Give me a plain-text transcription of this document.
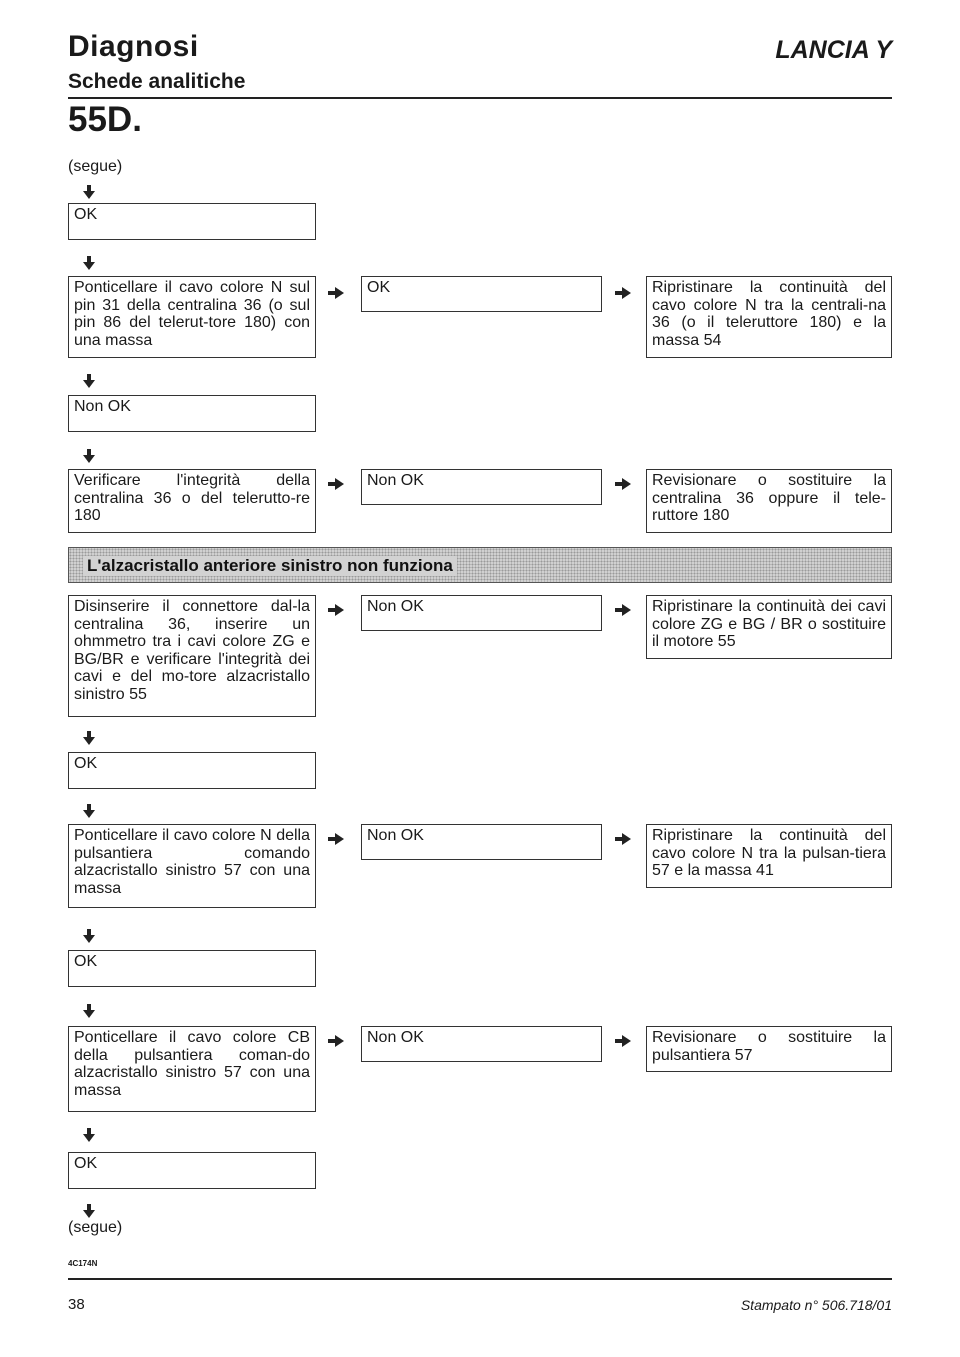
Diagnosi
Schede analitiche
LANCIA Y
55D.
(segue)
OK
Ponticellare il cavo colore N sul pin 31 della centralina 36 (o sul pin 86 del telerut-tore 180) con una massa
OK	Ripristinare la continuità del cavo colore N tra la centrali-na 36 (o il teleruttore 180) e la massa 54
Non OK
Verificare l'integrità della centralina 36 o del telerutto-re 180
Non OK	Revisionare o sostituire la centralina 36 oppure il tele-ruttore 180
L'alzacristallo anteriore sinistro non funziona
Disinserire il connettore dal-la centralina 36, inserire un ohmmetro tra i cavi colore ZG e BG/BR e verificare l'integrità dei cavi e del mo-tore alzacristallo sinistro 55
Non OK	Ripristinare la continuità dei cavi colore ZG e BG / BR o sostituire il motore 55
OK
Ponticellare il cavo colore N della pulsantiera comando alzacristallo sinistro 57 con una massa
Non OK	Ripristinare la continuità del cavo colore N tra la pulsan-tiera 57 e la massa 41
OK
Ponticellare il cavo colore CB della pulsantiera coman-do alzacristallo sinistro 57 con una massa
Non OK	Revisionare o sostituire la pulsantiera 57
OK
(segue)
4C174N
38	Stampato n° 506.718/01
